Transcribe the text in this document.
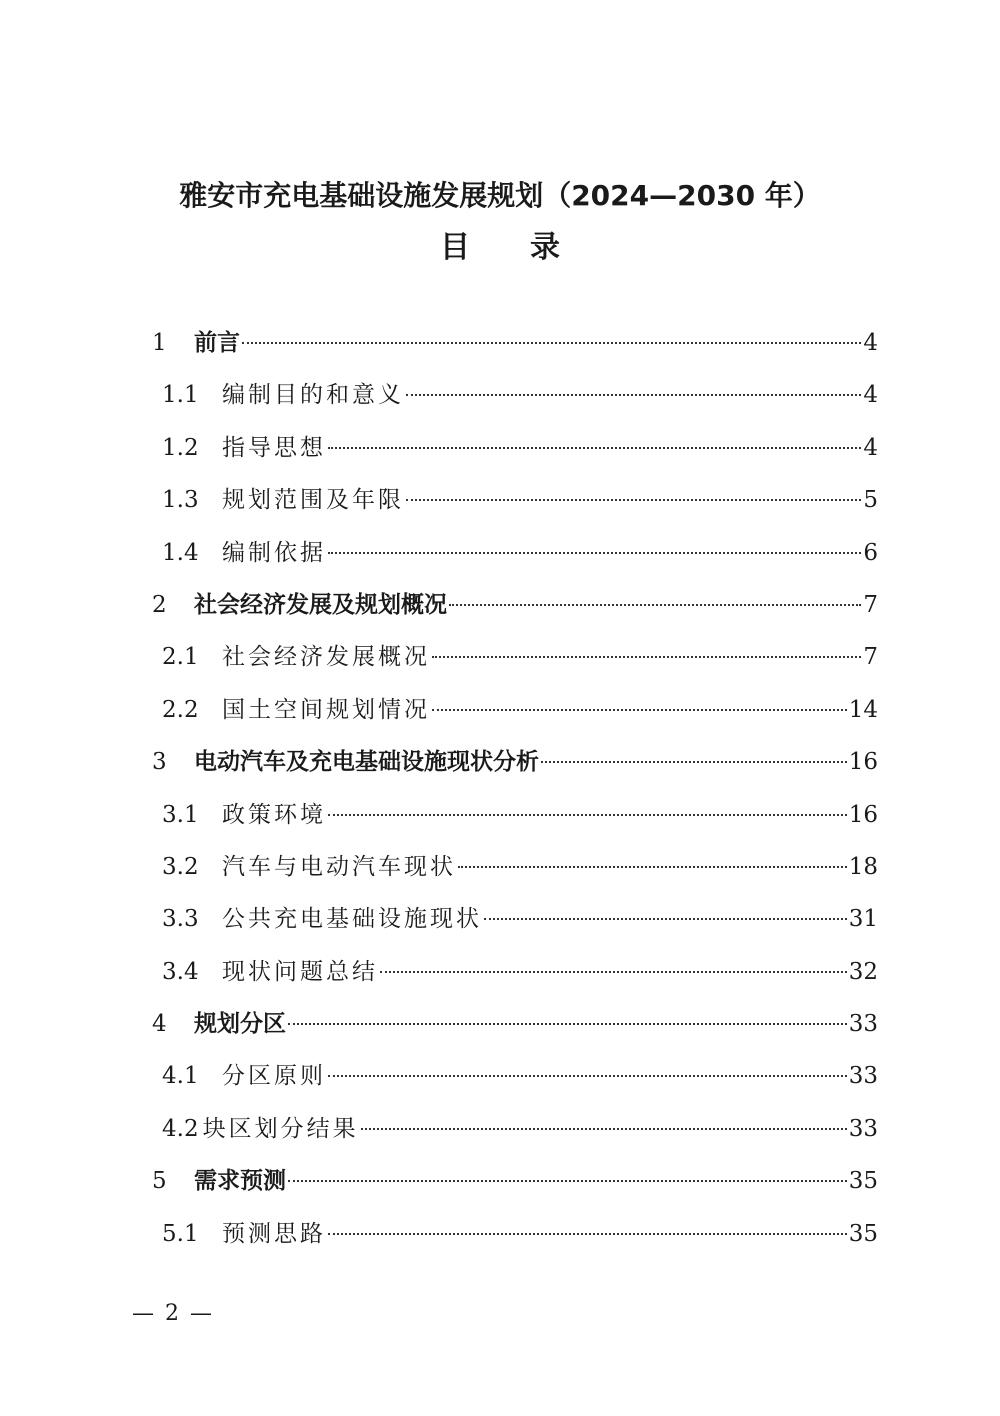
雅安市充电基础设施发展规划（2024—2030 年）
目 录
1	前言	4
1.1	编制目的和意义	4
1.2	指导思想	4
1.3	规划范围及年限	5
1.4	编制依据	6
2	社会经济发展及规划概况	7
2.1	社会经济发展概况	7
2.2	国土空间规划情况	14
3	电动汽车及充电基础设施现状分析	16
3.1	政策环境	16
3.2	汽车与电动汽车现状	18
3.3	公共充电基础设施现状	31
3.4	现状问题总结	32
4	规划分区	33
4.1	分区原则	33
4.2 块区划分结果	33
5	需求预测	35
5.1	预测思路	35
— 2 —
